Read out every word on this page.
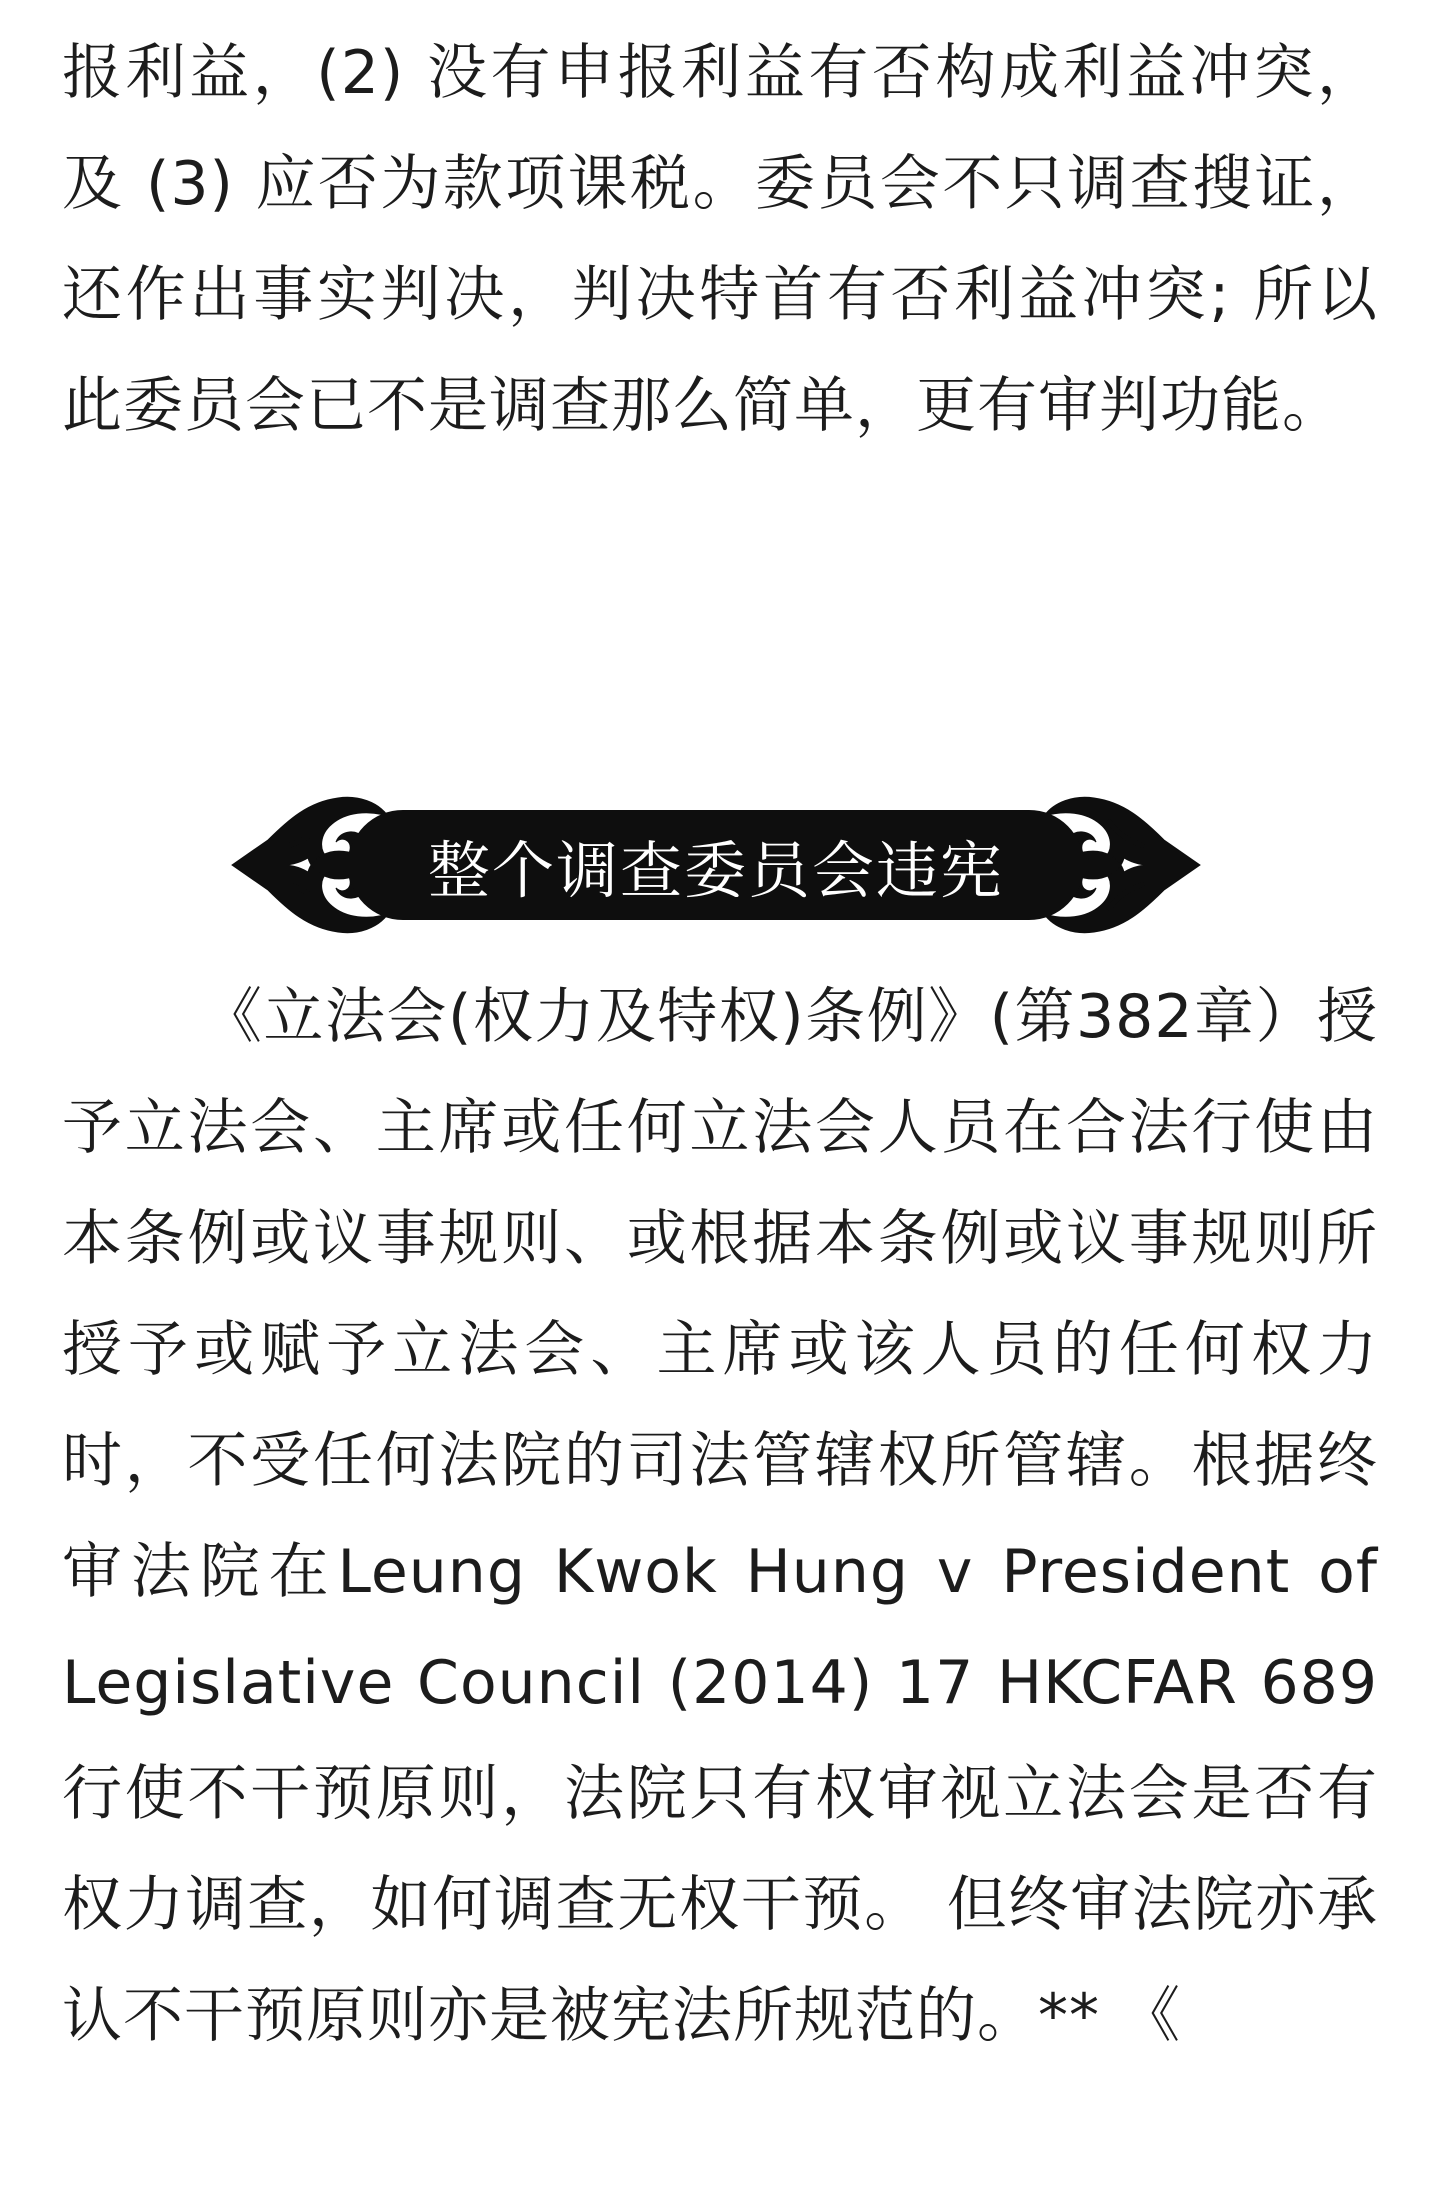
报利益，(2) 没有申报利益有否构成利益冲突，及 (3) 应否为款项课税。委员会不只调查搜证，还作出事实判决，判决特首有否利益冲突; 所以此委员会已不是调查那么简单，更有审判功能。

整个调查委员会违宪

《立法会(权力及特权)条例》(第382章）授予立法会、主席或任何立法会人员在合法行使由本条例或议事规则、或根据本条例或议事规则所授予或赋予立法会、主席或该人员的任何权力时，不受任何法院的司法管辖权所管辖。根据终审法院在Leung Kwok Hung v President of Legislative Council (2014) 17 HKCFAR 689行使不干预原则，法院只有权审视立法会是否有权力调查，如何调查无权干预。 但终审法院亦承认不干预原则亦是被宪法所规范的。** 《
